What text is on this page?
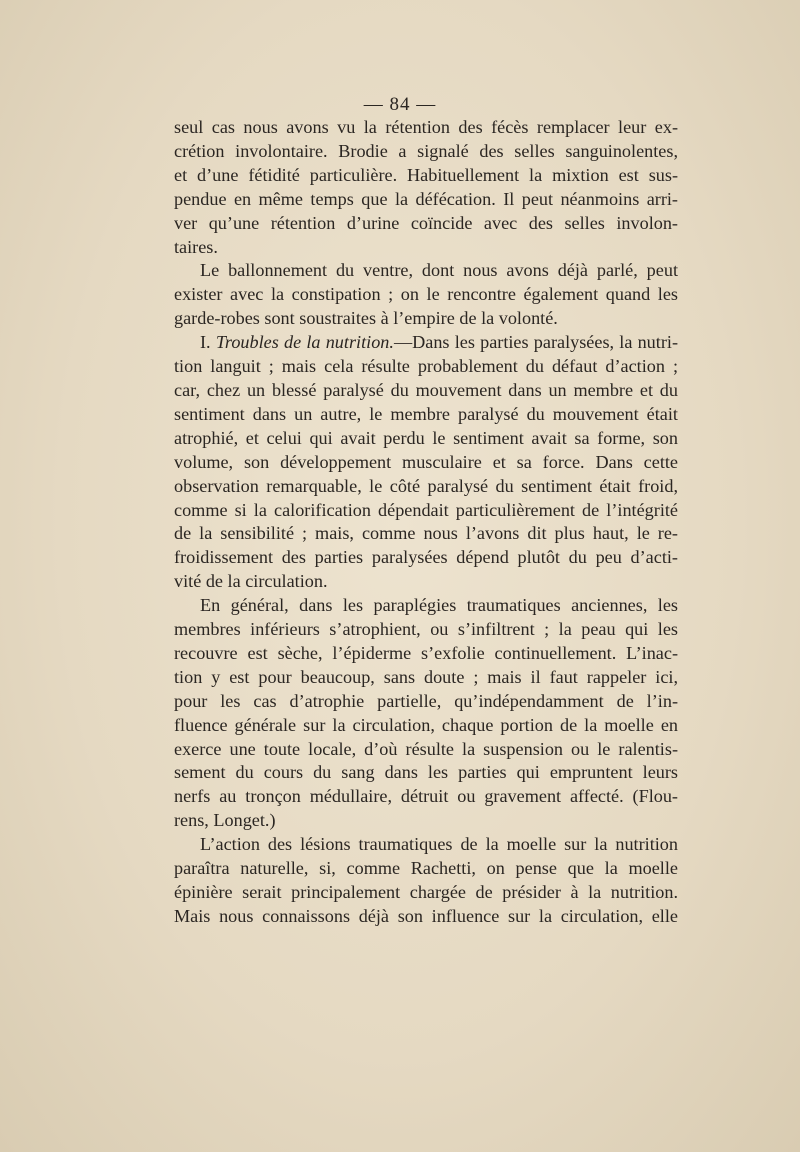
— 84 —

seul cas nous avons vu la rétention des fécès remplacer leur ex-
crétion involontaire. Brodie a signalé des selles sanguinolentes,
et d’une fétidité particulière. Habituellement la mixtion est sus-
pendue en même temps que la défécation. Il peut néanmoins arri-
ver qu’une rétention d’urine coïncide avec des selles involon-
taires.

Le ballonnement du ventre, dont nous avons déjà parlé, peut
exister avec la constipation ; on le rencontre également quand les
garde-robes sont soustraites à l’empire de la volonté.

I. Troubles de la nutrition.—Dans les parties paralysées, la nutri-
tion languit ; mais cela résulte probablement du défaut d’action ;
car, chez un blessé paralysé du mouvement dans un membre et du
sentiment dans un autre, le membre paralysé du mouvement était
atrophié, et celui qui avait perdu le sentiment avait sa forme, son
volume, son développement musculaire et sa force. Dans cette
observation remarquable, le côté paralysé du sentiment était froid,
comme si la calorification dépendait particulièrement de l’intégrité
de la sensibilité ; mais, comme nous l’avons dit plus haut, le re-
froidissement des parties paralysées dépend plutôt du peu d’acti-
vité de la circulation.

En général, dans les paraplégies traumatiques anciennes, les
membres inférieurs s’atrophient, ou s’infiltrent ; la peau qui les
recouvre est sèche, l’épiderme s’exfolie continuellement. L’inac-
tion y est pour beaucoup, sans doute ; mais il faut rappeler ici,
pour les cas d’atrophie partielle, qu’indépendamment de l’in-
fluence générale sur la circulation, chaque portion de la moelle en
exerce une toute locale, d’où résulte la suspension ou le ralentis-
sement du cours du sang dans les parties qui empruntent leurs
nerfs au tronçon médullaire, détruit ou gravement affecté. (Flou-
rens, Longet.)

L’action des lésions traumatiques de la moelle sur la nutrition
paraîtra naturelle, si, comme Rachetti, on pense que la moelle
épinière serait principalement chargée de présider à la nutrition.
Mais nous connaissons déjà son influence sur la circulation, elle
